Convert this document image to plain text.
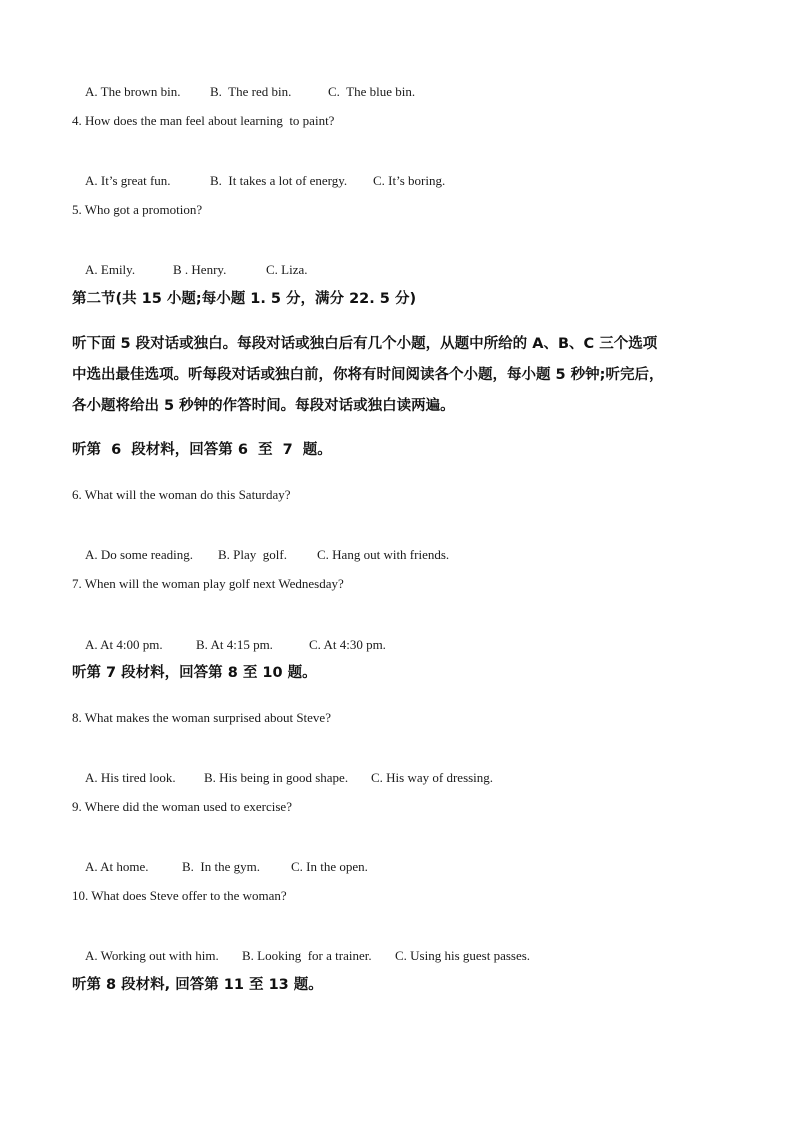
A. The brown bin. B.  The red bin.	C.  The blue bin.

4. How does the man feel about learning  to paint?

A. It’s great fun.	B.  It takes a lot of energy. C. It’s boring.

5. Who got a promotion?

A. Emily.	B . Henry.	C. Liza.

第二节(共 15 小题;每小题 1. 5 分，满分 22. 5 分)
听下面 5 段对话或独白。每段对话或独白后有几个小题，从题中所给的 A、B、C 三个选项
中选出最佳选项。听每段对话或独白前，你将有时间阅读各个小题，每小题 5 秒钟;听完后，
各小题将给出 5 秒钟的作答时间。每段对话或独白读两遍。
听第  6  段材料，回答第 6  至  7  题。
6. What will the woman do this Saturday?

A. Do some reading. B. Play  golf. C. Hang out with friends.

7. When will the woman play golf next Wednesday?

A. At 4:00 pm.	B. At 4:15 pm.	C. At 4:30 pm.

听第 7 段材料，回答第 8 至 10 题。
8. What makes the woman surprised about Steve?

A. His tired look. B. His being in good shape. C. His way of dressing.

9. Where did the woman used to exercise?

A. At home.	B.  In the gym. C. In the open.

10. What does Steve offer to the woman?

A. Working out with him. B. Looking  for a trainer. C. Using his guest passes.

听第 8 段材料, 回答第 11 至 13 题。
